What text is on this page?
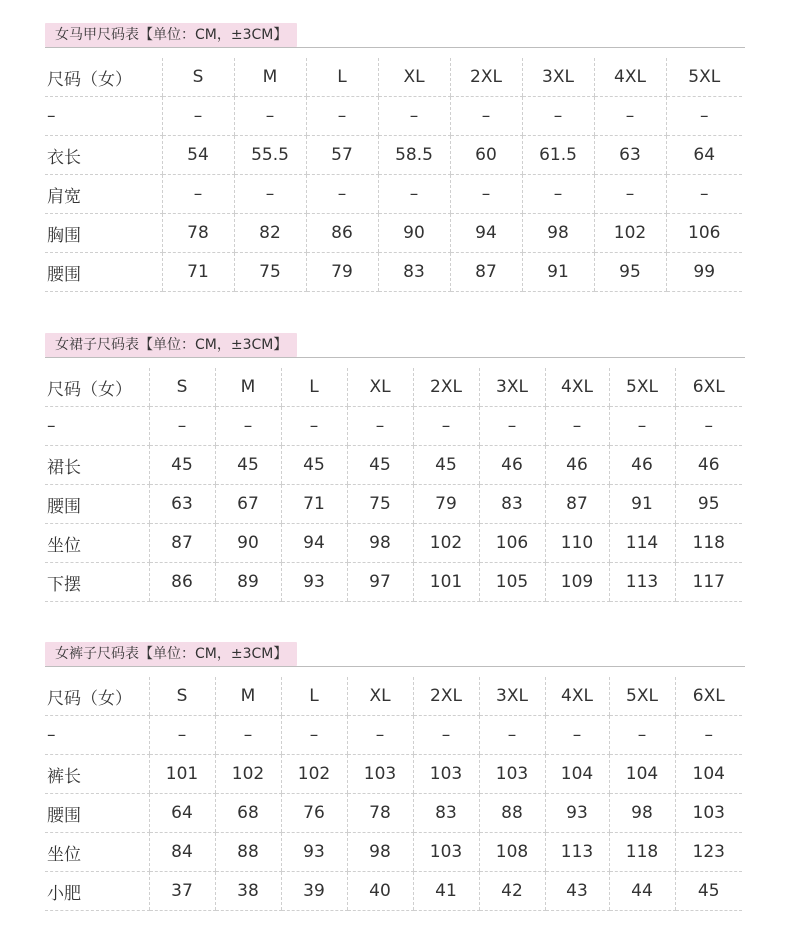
女马甲尺码表【单位：CM，±3CM】
尺码（女）	S	M	L	XL	2XL	3XL	4XL	5XL
–	–	–	–	–	–	–	–	–
衣长	54	55.5	57	58.5	60	61.5	63	64
肩宽	–	–	–	–	–	–	–	–
胸围	78	82	86	90	94	98	102	106
腰围	71	75	79	83	87	91	95	99
女裙子尺码表【单位：CM，±3CM】
尺码（女）	S	M	L	XL	2XL	3XL	4XL	5XL	6XL
–	–	–	–	–	–	–	–	–	–
裙长	45	45	45	45	45	46	46	46	46
腰围	63	67	71	75	79	83	87	91	95
坐位	87	90	94	98	102	106	110	114	118
下摆	86	89	93	97	101	105	109	113	117
女裤子尺码表【单位：CM，±3CM】
尺码（女）	S	M	L	XL	2XL	3XL	4XL	5XL	6XL
–	–	–	–	–	–	–	–	–	–
裤长	101	102	102	103	103	103	104	104	104
腰围	64	68	76	78	83	88	93	98	103
坐位	84	88	93	98	103	108	113	118	123
小肥	37	38	39	40	41	42	43	44	45
